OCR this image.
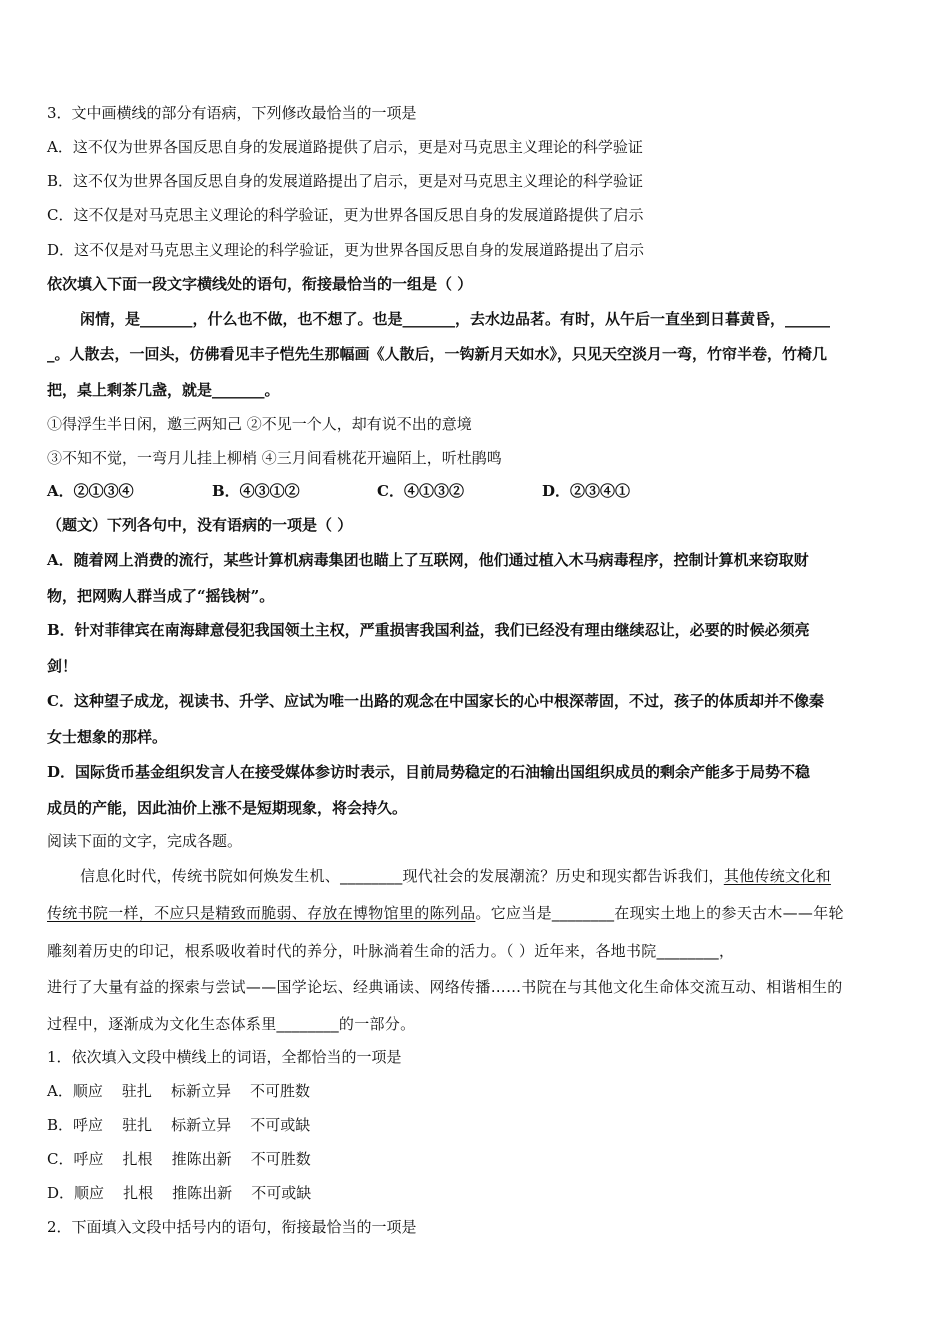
3．文中画横线的部分有语病，下列修改最恰当的一项是
A．这不仅为世界各国反思自身的发展道路提供了启示，更是对马克思主义理论的科学验证
B．这不仅为世界各国反思自身的发展道路提出了启示，更是对马克思主义理论的科学验证
C．这不仅是对马克思主义理论的科学验证，更为世界各国反思自身的发展道路提供了启示
D．这不仅是对马克思主义理论的科学验证，更为世界各国反思自身的发展道路提出了启示
依次填入下面一段文字横线处的语句，衔接最恰当的一组是（ ）
闲情，是_______，什么也不做，也不想了。也是_______，去水边品茗。有时，从午后一直坐到日暮黄昏，______
_。人散去，一回头，仿佛看见丰子恺先生那幅画《人散后，一钩新月天如水》，只见天空淡月一弯，竹帘半卷，竹椅几
把，桌上剩茶几盏，就是_______。
①得浮生半日闲，邀三两知己 ②不见一个人，却有说不出的意境
③不知不觉，一弯月儿挂上柳梢 ④三月间看桃花开遍陌上，听杜鹃鸣
A．②①③④	B．④③①②	C．④①③②	D．②③④①
（题文）下列各句中，没有语病的一项是（ ）
A．随着网上消费的流行，某些计算机病毒集团也瞄上了互联网，他们通过植入木马病毒程序，控制计算机来窃取财
物，把网购人群当成了“摇钱树”。
B．针对菲律宾在南海肆意侵犯我国领土主权，严重损害我国利益，我们已经没有理由继续忍让，必要的时候必须亮
剑！
C．这种望子成龙，视读书、升学、应试为唯一出路的观念在中国家长的心中根深蒂固，不过，孩子的体质却并不像秦
女士想象的那样。
D．国际货币基金组织发言人在接受媒体参访时表示，目前局势稳定的石油输出国组织成员的剩余产能多于局势不稳
成员的产能，因此油价上涨不是短期现象，将会持久。
阅读下面的文字，完成各题。
信息化时代，传统书院如何焕发生机、________现代社会的发展潮流？历史和现实都告诉我们，其他传统文化和
传统书院一样，不应只是精致而脆弱、存放在博物馆里的陈列品。它应当是________在现实土地上的参天古木——年轮
雕刻着历史的印记，根系吸收着时代的养分，叶脉淌着生命的活力。（ ）近年来，各地书院________，
进行了大量有益的探索与尝试——国学论坛、经典诵读、网络传播……书院在与其他文化生命体交流互动、相谐相生的
过程中，逐渐成为文化生态体系里________的一部分。
1．依次填入文段中横线上的词语，全都恰当的一项是
A．顺应    驻扎    标新立异    不可胜数
B．呼应    驻扎    标新立异    不可或缺
C．呼应    扎根    推陈出新    不可胜数
D．顺应    扎根    推陈出新    不可或缺
2．下面填入文段中括号内的语句，衔接最恰当的一项是
